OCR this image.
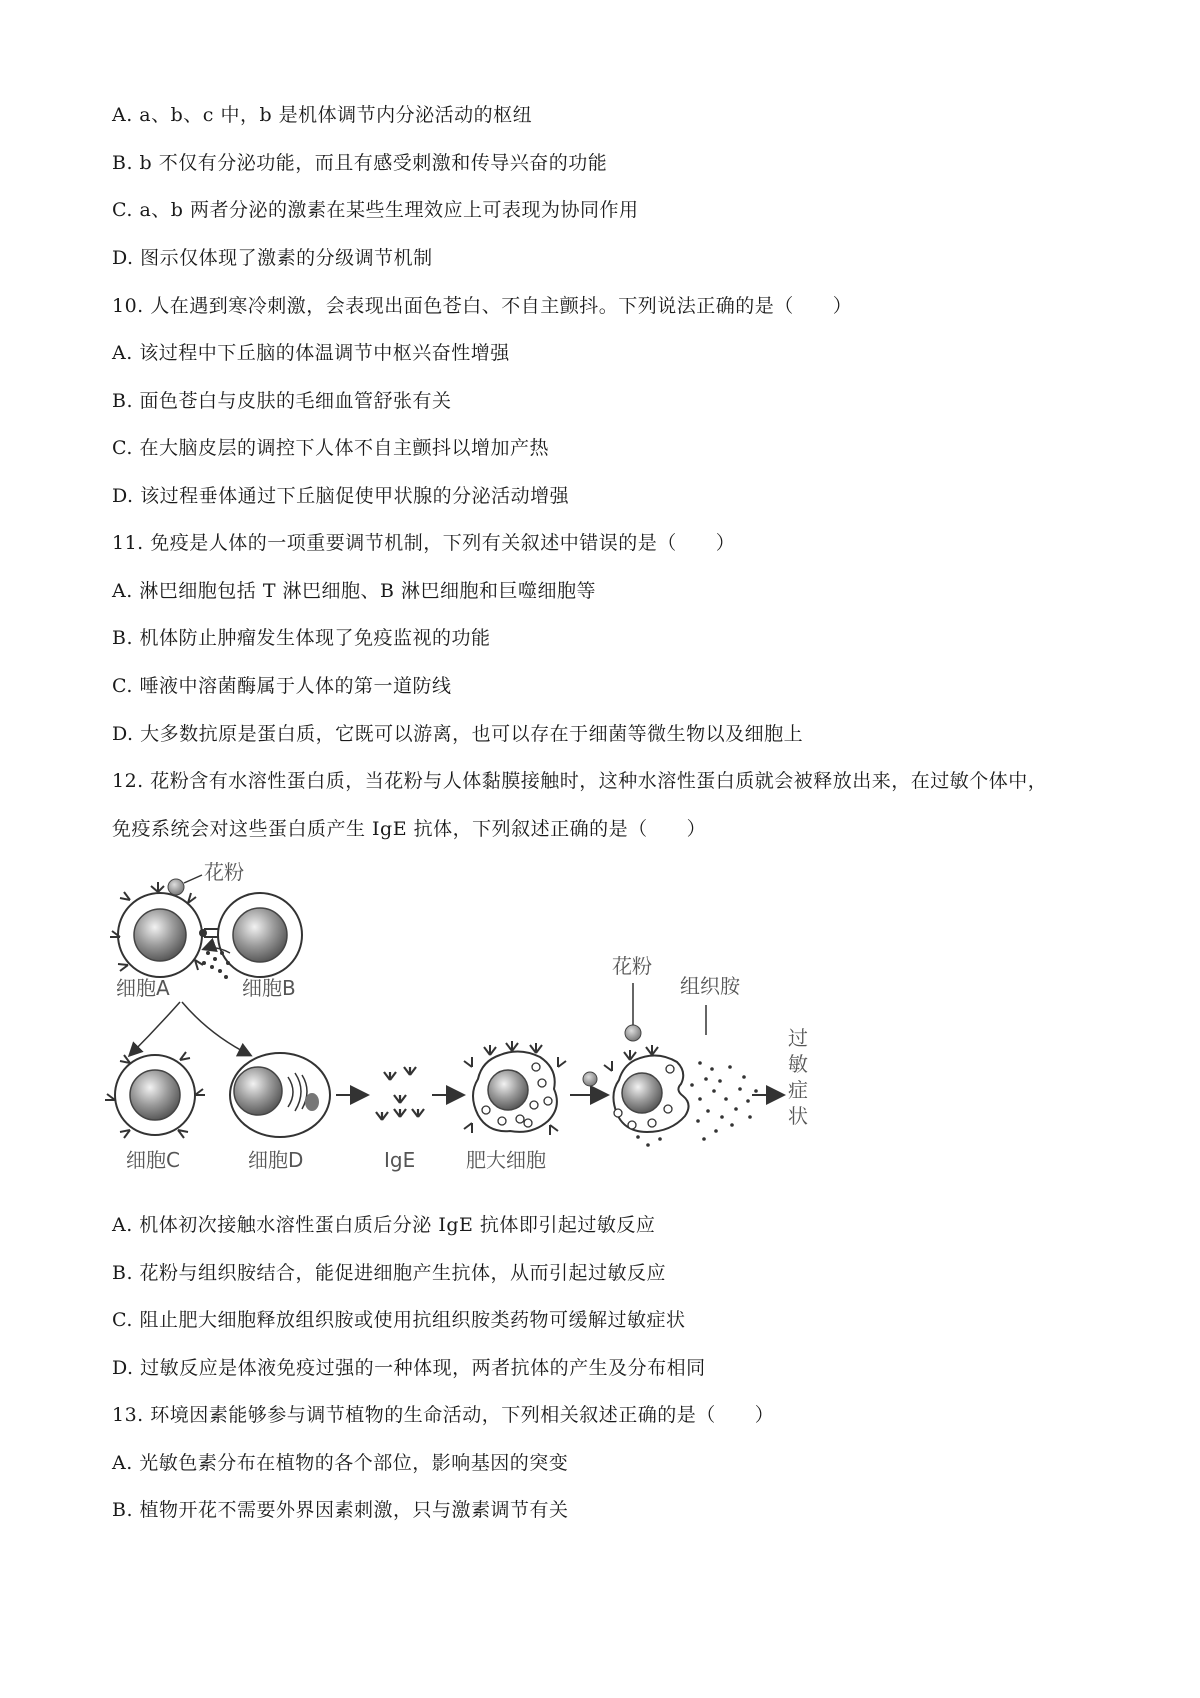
A. a、b、c 中，b 是机体调节内分泌活动的枢纽
B. b 不仅有分泌功能，而且有感受刺激和传导兴奋的功能
C. a、b 两者分泌的激素在某些生理效应上可表现为协同作用
D. 图示仅体现了激素的分级调节机制
10. 人在遇到寒冷刺激，会表现出面色苍白、不自主颤抖。下列说法正确的是（　　）
A. 该过程中下丘脑的体温调节中枢兴奋性增强
B. 面色苍白与皮肤的毛细血管舒张有关
C. 在大脑皮层的调控下人体不自主颤抖以增加产热
D. 该过程垂体通过下丘脑促使甲状腺的分泌活动增强
11. 免疫是人体的一项重要调节机制，下列有关叙述中错误的是（　　）
A. 淋巴细胞包括 T 淋巴细胞、B 淋巴细胞和巨噬细胞等
B. 机体防止肿瘤发生体现了免疫监视的功能
C. 唾液中溶菌酶属于人体的第一道防线
D. 大多数抗原是蛋白质，它既可以游离，也可以存在于细菌等微生物以及细胞上
12. 花粉含有水溶性蛋白质，当花粉与人体黏膜接触时，这种水溶性蛋白质就会被释放出来，在过敏个体中，
免疫系统会对这些蛋白质产生 IgE 抗体，下列叙述正确的是（　　）
花粉
细胞A	细胞B
细胞C	细胞D	IgE	肥大细胞
花粉
组织胺
过
敏
症
状
A. 机体初次接触水溶性蛋白质后分泌 IgE 抗体即引起过敏反应
B. 花粉与组织胺结合，能促进细胞产生抗体，从而引起过敏反应
C. 阻止肥大细胞释放组织胺或使用抗组织胺类药物可缓解过敏症状
D. 过敏反应是体液免疫过强的一种体现，两者抗体的产生及分布相同
13. 环境因素能够参与调节植物的生命活动，下列相关叙述正确的是（　　）
A. 光敏色素分布在植物的各个部位，影响基因的突变
B. 植物开花不需要外界因素刺激，只与激素调节有关
